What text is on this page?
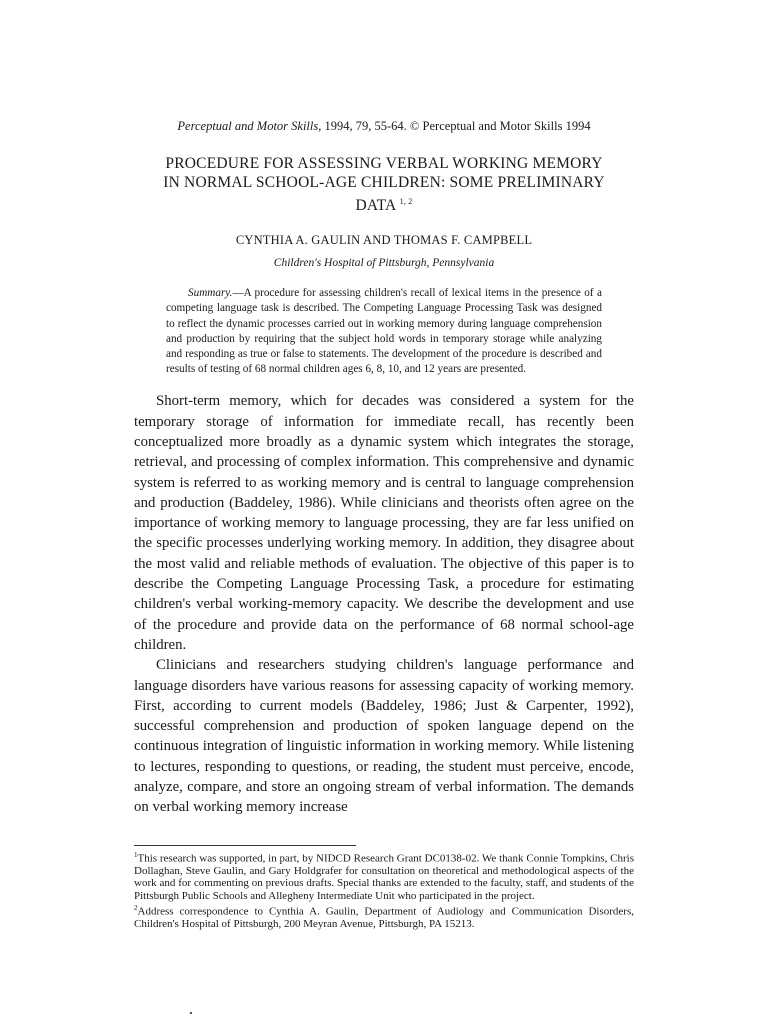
Perceptual and Motor Skills, 1994, 79, 55-64. © Perceptual and Motor Skills 1994
PROCEDURE FOR ASSESSING VERBAL WORKING MEMORY IN NORMAL SCHOOL-AGE CHILDREN: SOME PRELIMINARY DATA $^{1, 2}$
CYNTHIA A. GAULIN AND THOMAS F. CAMPBELL
Children's Hospital of Pittsburgh, Pennsylvania
Summary.—A procedure for assessing children's recall of lexical items in the presence of a competing language task is described. The Competing Language Processing Task was designed to reflect the dynamic processes carried out in working memory during language comprehension and production by requiring that the subject hold words in temporary storage while analyzing and responding as true or false to statements. The development of the procedure is described and results of testing of 68 normal children ages 6, 8, 10, and 12 years are presented.

Short-term memory, which for decades was considered a system for the temporary storage of information for immediate recall, has recently been conceptualized more broadly as a dynamic system which integrates the storage, retrieval, and processing of complex information. This comprehensive and dynamic system is referred to as working memory and is central to language comprehension and production (Baddeley, 1986). While clinicians and theorists often agree on the importance of working memory to language processing, they are far less unified on the specific processes underlying working memory. In addition, they disagree about the most valid and reliable methods of evaluation. The objective of this paper is to describe the Competing Language Processing Task, a procedure for estimating children's verbal working-memory capacity. We describe the development and use of the procedure and provide data on the performance of 68 normal school-age children.

Clinicians and researchers studying children's language performance and language disorders have various reasons for assessing capacity of working memory. First, according to current models (Baddeley, 1986; Just & Carpenter, 1992), successful comprehension and production of spoken language depend on the continuous integration of linguistic information in working memory. While listening to lectures, responding to questions, or reading, the student must perceive, encode, analyze, compare, and store an ongoing stream of verbal information. The demands on verbal working memory increase

$^1$This research was supported, in part, by NIDCD Research Grant DC0138-02. We thank Connie Tompkins, Chris Dollaghan, Steve Gaulin, and Gary Holdgrafer for consultation on theoretical and methodological aspects of the work and for commenting on previous drafts. Special thanks are extended to the faculty, staff, and students of the Pittsburgh Public Schools and Allegheny Intermediate Unit who participated in the project.

$^2$Address correspondence to Cynthia A. Gaulin, Department of Audiology and Communication Disorders, Children's Hospital of Pittsburgh, 200 Meyran Avenue, Pittsburgh, PA 15213.
